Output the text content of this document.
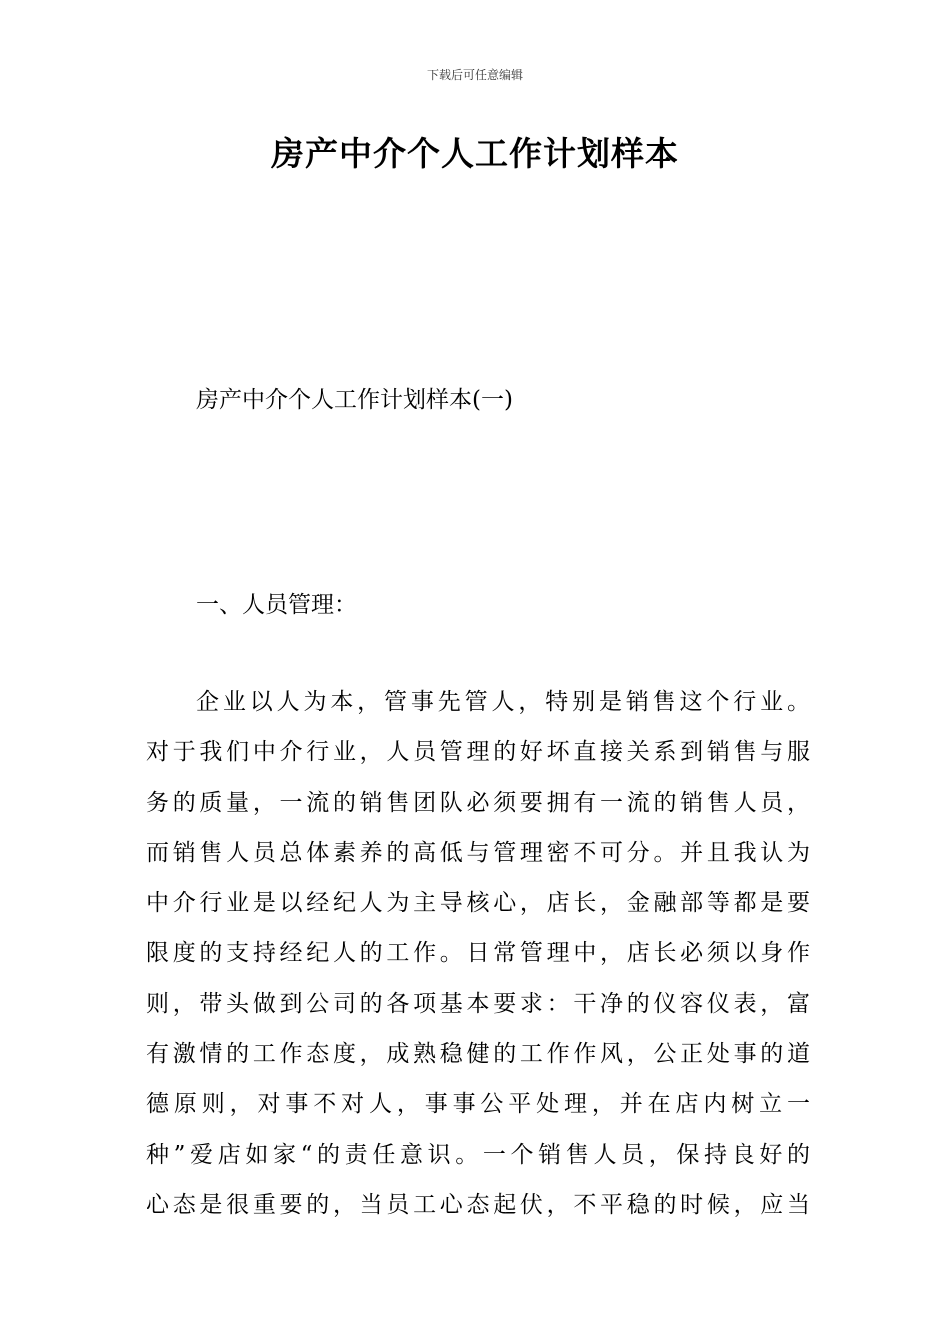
下载后可任意编辑
房产中介个人工作计划样本
房产中介个人工作计划样本(一)
一、人员管理：
企业以人为本，管事先管人，特别是销售这个行业。
对于我们中介行业，人员管理的好坏直接关系到销售与服
务的质量，一流的销售团队必须要拥有一流的销售人员，
而销售人员总体素养的高低与管理密不可分。并且我认为
中介行业是以经纪人为主导核心，店长，金融部等都是要
限度的支持经纪人的工作。日常管理中，店长必须以身作
则，带头做到公司的各项基本要求：干净的仪容仪表，富
有激情的工作态度，成熟稳健的工作作风，公正处事的道
德原则，对事不对人，事事公平处理，并在店内树立一
种”爱店如家“的责任意识。一个销售人员，保持良好的
心态是很重要的，当员工心态起伏，不平稳的时候，应当
